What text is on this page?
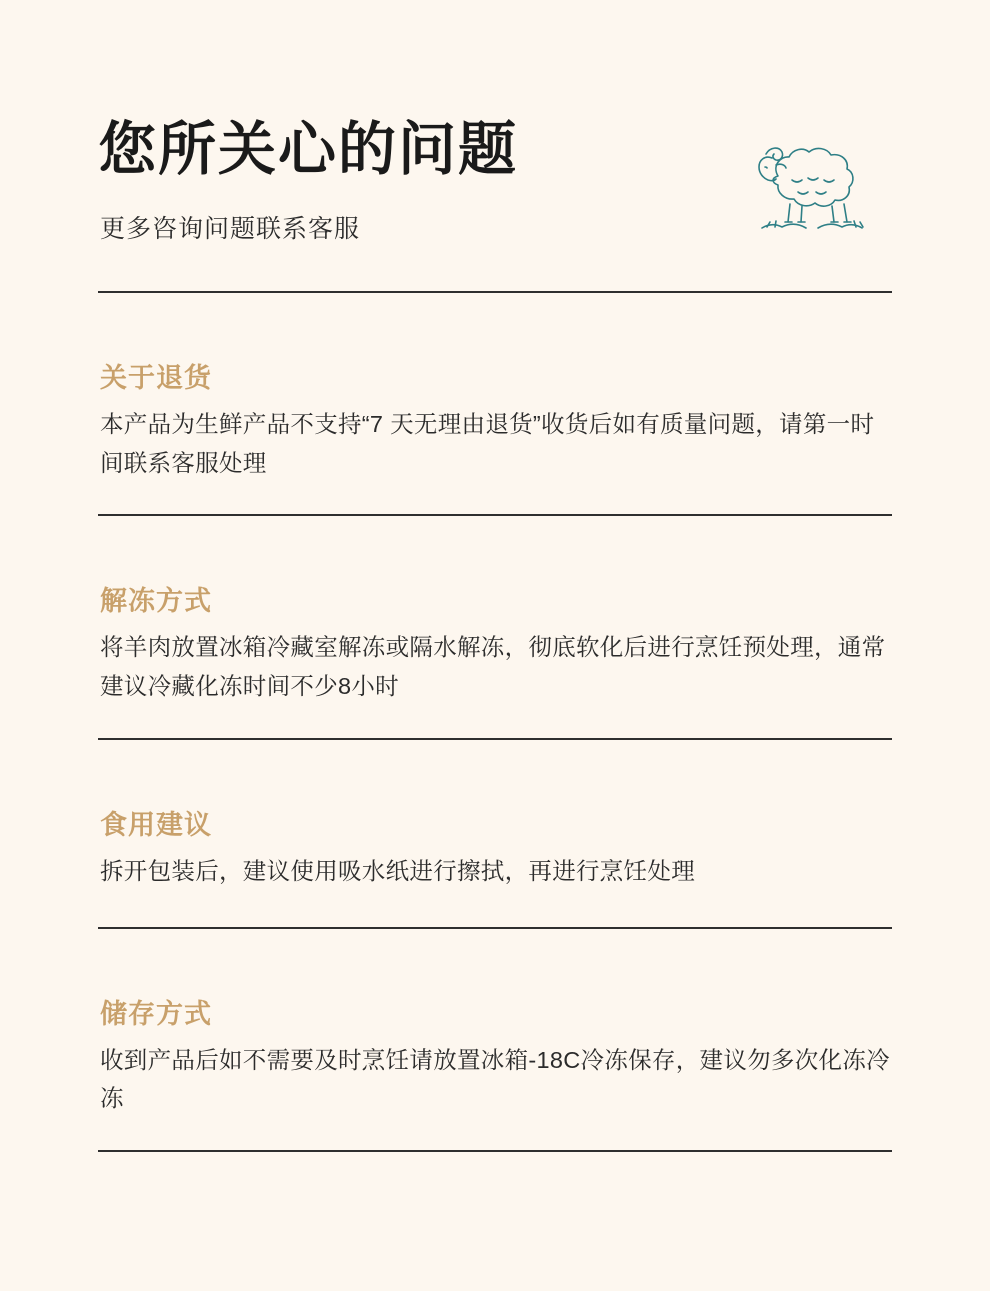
您所关心的问题
更多咨询问题联系客服
关于退货
本产品为生鲜产品不支持“7 天无理由退货”收货后如有质量问题，请第一时间联系客服处理
解冻方式
将羊肉放置冰箱冷藏室解冻或隔水解冻，彻底软化后进行烹饪预处理，通常建议冷藏化冻时间不少8小时
食用建议
拆开包装后，建议使用吸水纸进行擦拭，再进行烹饪处理
储存方式
收到产品后如不需要及时烹饪请放置冰箱-18C冷冻保存，建议勿多次化冻冷冻
